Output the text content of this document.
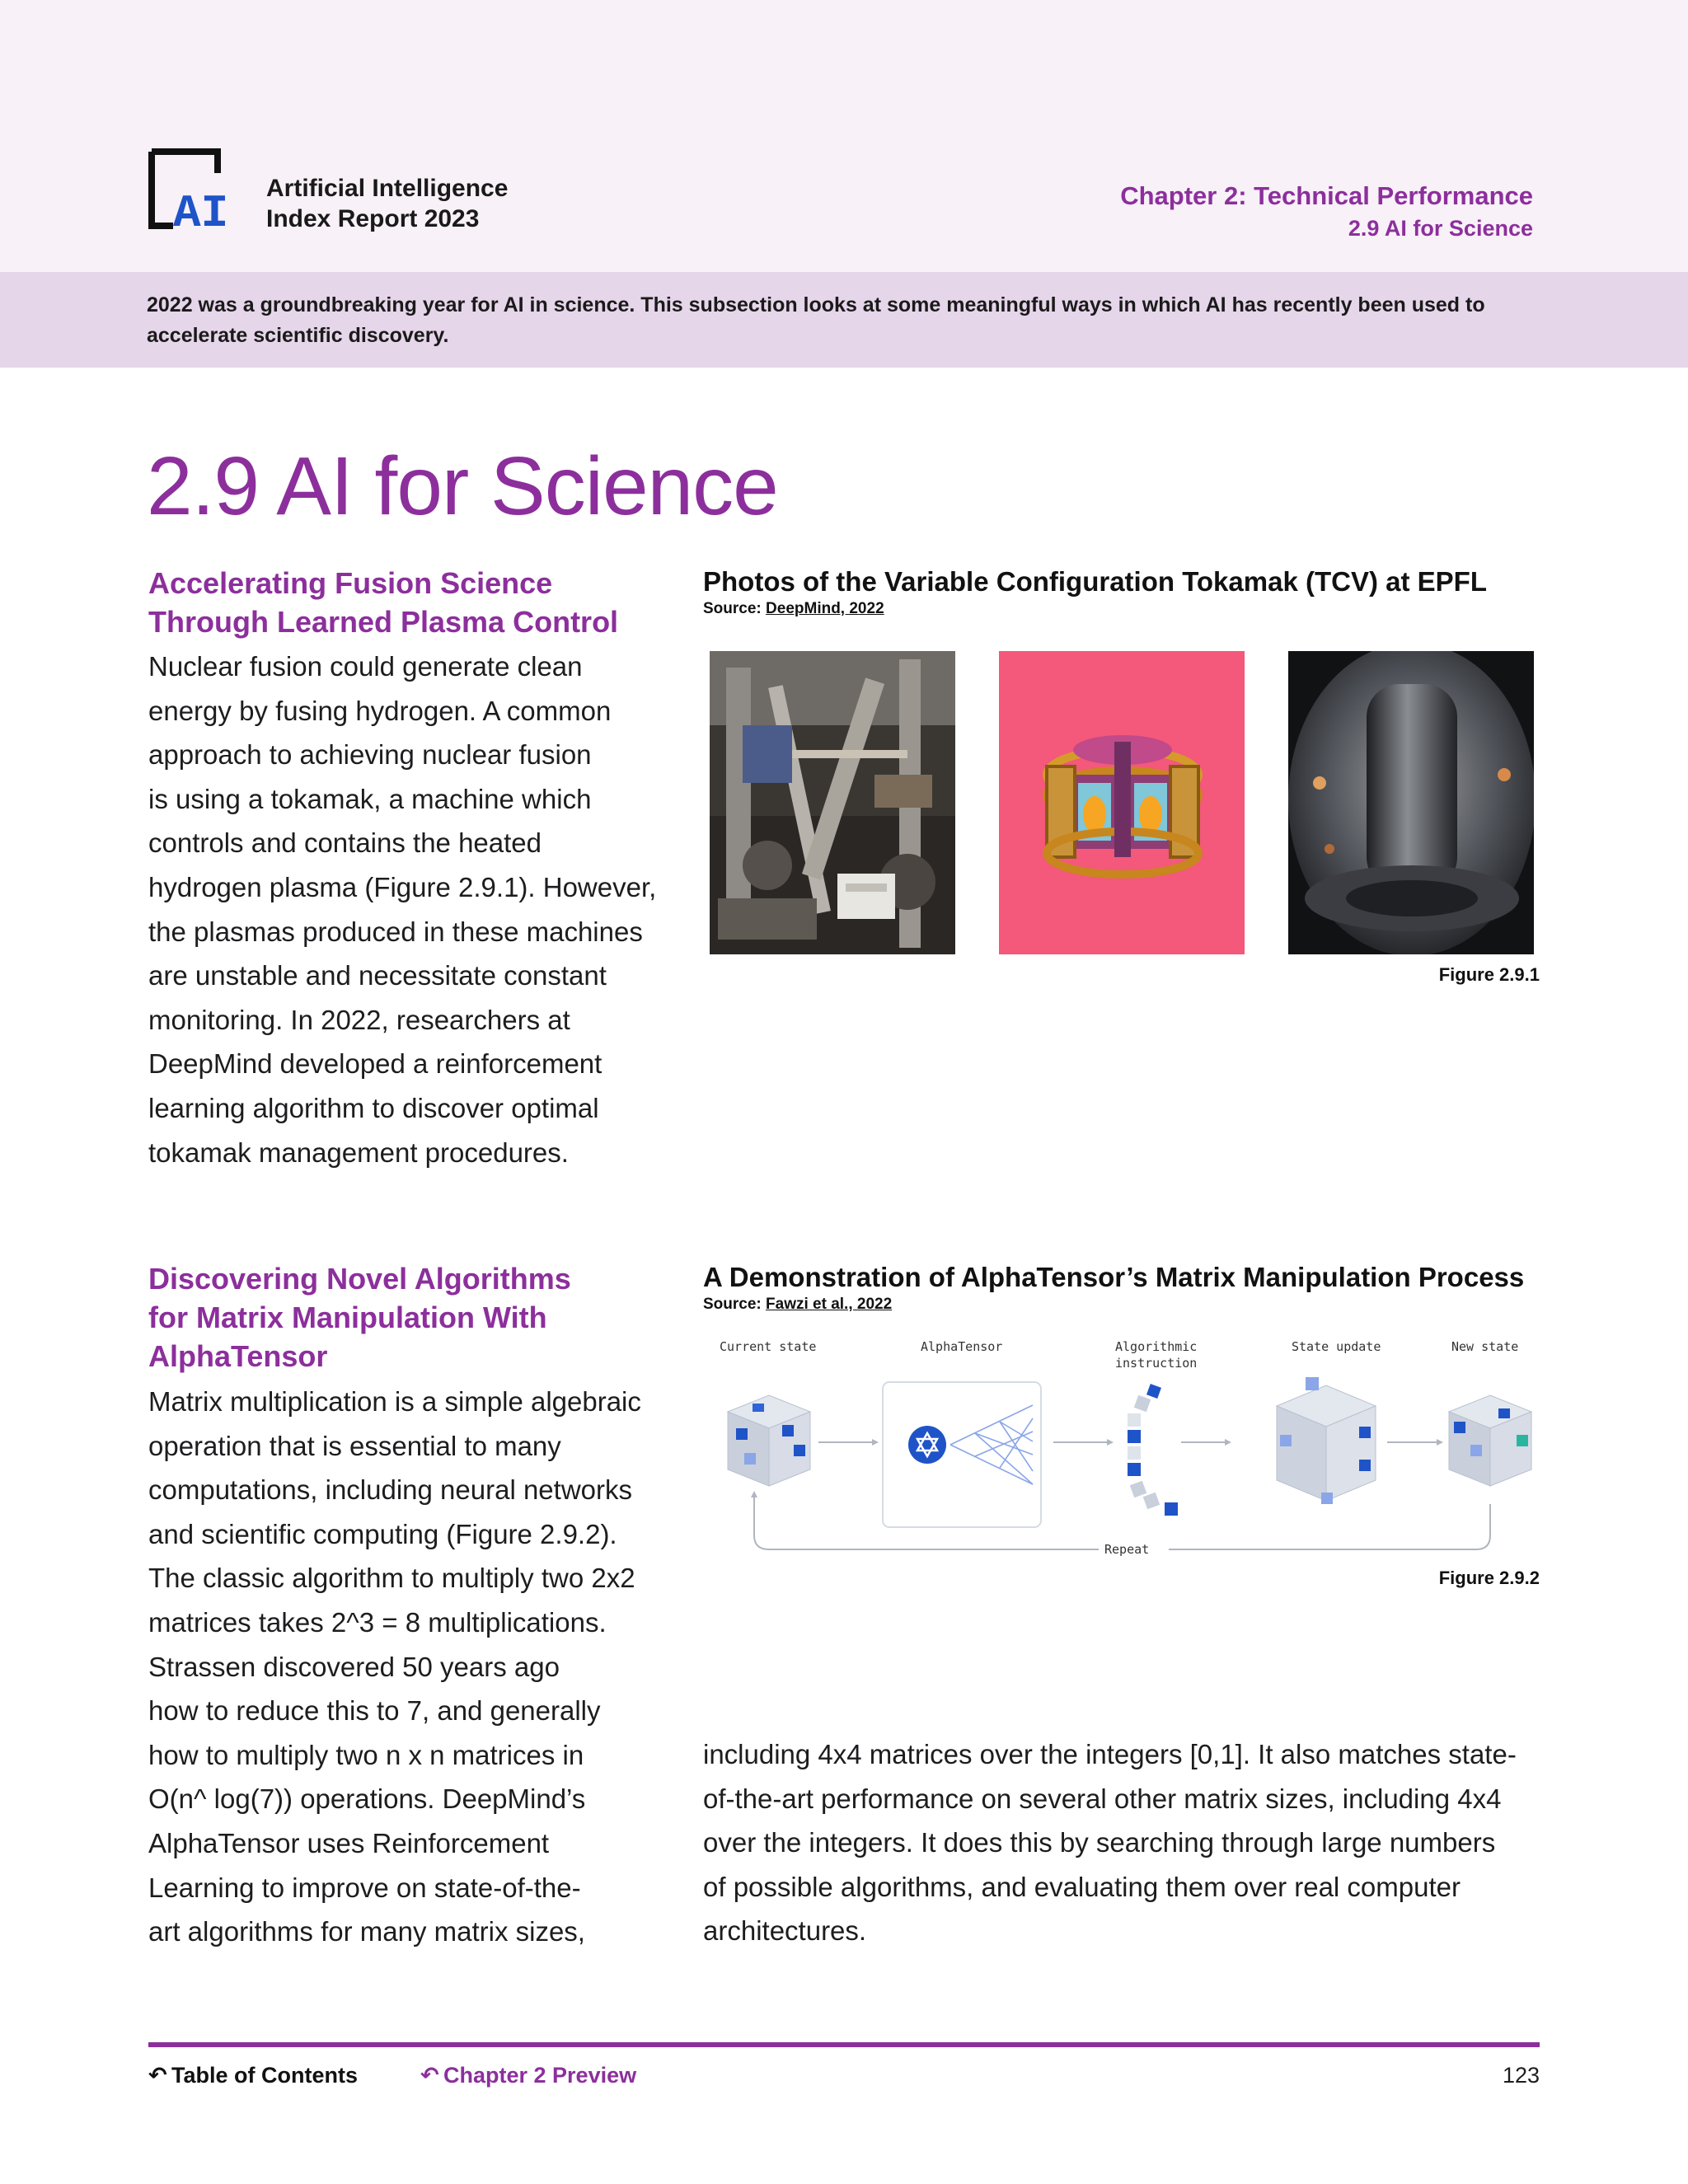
AI Artificial Intelligence
Index Report 2023
Chapter 2: Technical Performance
2.9 AI for Science
2022 was a groundbreaking year for AI in science. This subsection looks at some meaningful ways in which AI has recently been used to accelerate scientific discovery.
2.9 AI for Science
Accelerating Fusion Science
Through Learned Plasma Control
Nuclear fusion could generate clean
energy by fusing hydrogen. A common
approach to achieving nuclear fusion
is using a tokamak, a machine which
controls and contains the heated
hydrogen plasma (Figure 2.9.1). However,
the plasmas produced in these machines
are unstable and necessitate constant
monitoring. In 2022, researchers at
DeepMind developed a reinforcement
learning algorithm to discover optimal
tokamak management procedures.
Photos of the Variable Configuration Tokamak (TCV) at EPFL
Source: DeepMind, 2022
Figure 2.9.1
Discovering Novel Algorithms
for Matrix Manipulation With
AlphaTensor
Matrix multiplication is a simple algebraic
operation that is essential to many
computations, including neural networks
and scientific computing (Figure 2.9.2).
The classic algorithm to multiply two 2x2
matrices takes 2^3 = 8 multiplications.
Strassen discovered 50 years ago
how to reduce this to 7, and generally
how to multiply two n x n matrices in
O(n^ log(7)) operations. DeepMind’s
AlphaTensor uses Reinforcement
Learning to improve on state-of-the-
art algorithms for many matrix sizes,
A Demonstration of AlphaTensor’s Matrix Manipulation Process
Source: Fawzi et al., 2022
Current state	AlphaTensor	Algorithmic
instruction
State update	New state
Repeat
Figure 2.9.2
including 4x4 matrices over the integers [0,1]. It also matches state-
of-the-art performance on several other matrix sizes, including 4x4
over the integers. It does this by searching through large numbers
of possible algorithms, and evaluating them over real computer
architectures.
↶ Table of Contents	↶ Chapter 2 Preview	123
